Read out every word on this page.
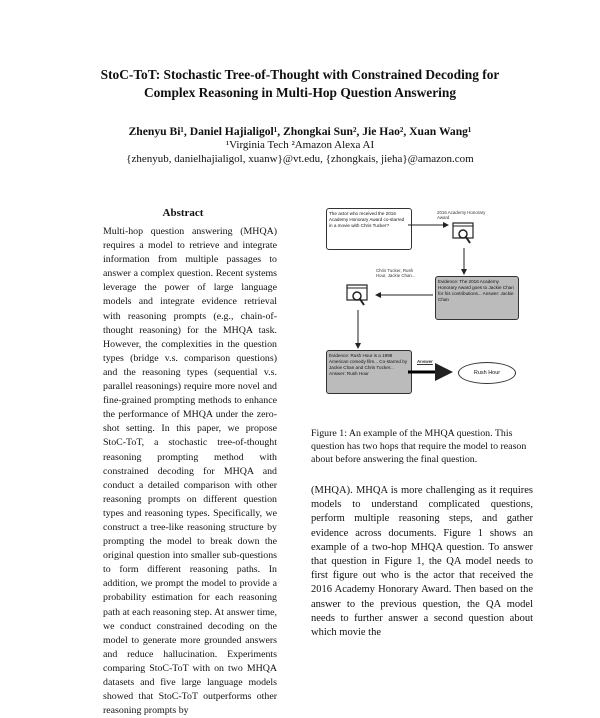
StoC-ToT: Stochastic Tree-of-Thought with Constrained Decoding for
Complex Reasoning in Multi-Hop Question Answering
Zhenyu Bi¹, Daniel Hajialigol¹, Zhongkai Sun², Jie Hao², Xuan Wang¹
¹Virginia Tech ²Amazon Alexa AI
{zhenyub, danielhajialigol, xuanw}@vt.edu, {zhongkais, jieha}@amazon.com
Abstract
Multi-hop question answering (MHQA) requires a model to retrieve and integrate information from multiple passages to answer a complex question. Recent systems leverage the power of large language models and integrate evidence retrieval with reasoning prompts (e.g., chain-of-thought reasoning) for the MHQA task. However, the complexities in the question types (bridge v.s. comparison questions) and the reasoning types (sequential v.s. parallel reasonings) require more novel and fine-grained prompting methods to enhance the performance of MHQA under the zero-shot setting. In this paper, we propose StoC-ToT, a stochastic tree-of-thought reasoning prompting method with constrained decoding for MHQA and conduct a detailed comparison with other reasoning prompts on different question types and reasoning types. Specifically, we construct a tree-like reasoning structure by prompting the model to break down the original question into smaller sub-questions to form different reasoning paths. In addition, we prompt the model to provide a probability estimation for each reasoning path at each reasoning step. At answer time, we conduct constrained decoding on the model to generate more grounded answers and reduce hallucination. Experiments comparing StoC-ToT with on two MHQA datasets and five large language models showed that StoC-ToT outperforms other reasoning prompts by
The actor who received the 2016 Academy Honorary Award co-starred in a movie with Chris Tucker?
2016 Academy Honorary Award
Chris Tucker, Rush Hour, Jackie Chan...
Evidence: The 2016 Academy Honorary Award goes to Jackie Chan for his contributions... Answer: Jackie Chan
Evidence: Rush Hour is a 1998 American comedy film... Co-starred by Jackie Chan and Chris Tucker... Answer: Rush Hour
Answer
Rush Hour
Figure 1: An example of the MHQA question. This question has two hops that require the model to reason about before answering the final question.
(MHQA). MHQA is more challenging as it requires models to understand complicated questions, perform multiple reasoning steps, and gather evidence across documents. Figure 1 shows an example of a two-hop MHQA question. To answer that question in Figure 1, the QA model needs to first figure out who is the actor that received the 2016 Academy Honorary Award. Then based on the answer to the previous question, the QA model needs to further answer a second question about which movie the
